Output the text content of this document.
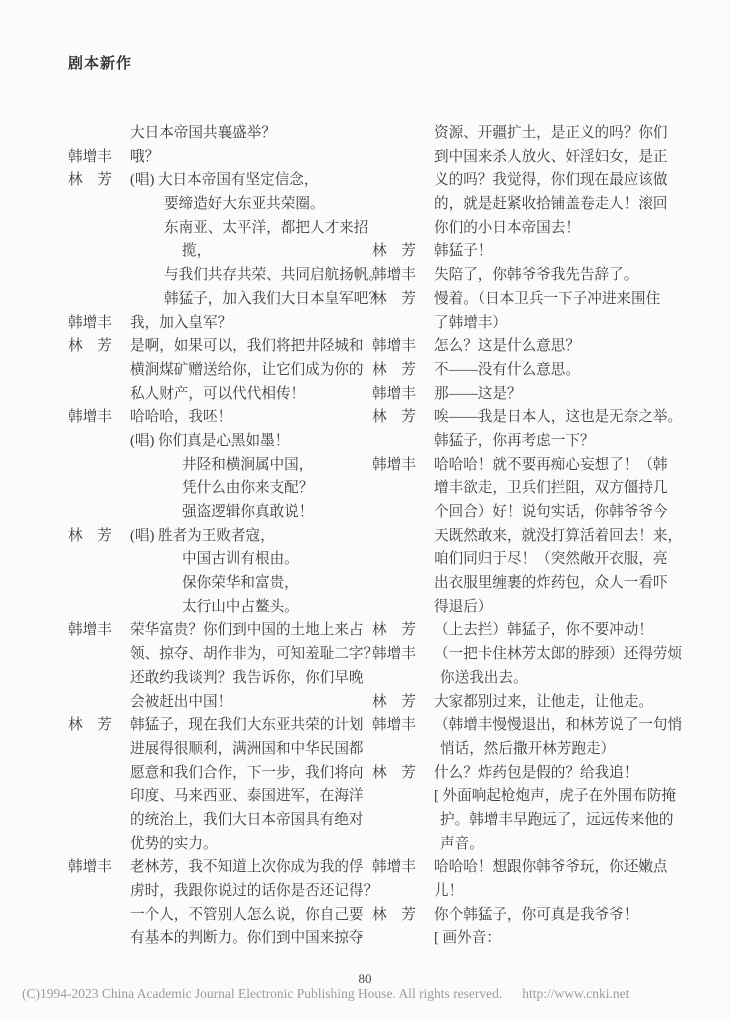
剧本新作
大日本帝国共襄盛举？
韩增丰	哦？
林　芳	(唱) 大日本帝国有坚定信念，
要缔造好大东亚共荣圈。
东南亚、太平洋，都把人才来招
揽，
与我们共存共荣、共同启航扬帆。
韩猛子，加入我们大日本皇军吧？
韩增丰	我，加入皇军？
林　芳	是啊，如果可以，我们将把井陉城和
横涧煤矿赠送给你，让它们成为你的
私人财产，可以代代相传！
韩增丰	哈哈哈，我呸！
(唱) 你们真是心黑如墨！
井陉和横涧属中国，
凭什么由你来支配？
强盗逻辑你真敢说！
林　芳	(唱) 胜者为王败者寇，
中国古训有根由。
保你荣华和富贵，
太行山中占鳌头。
韩增丰	荣华富贵？你们到中国的土地上来占
领、掠夺、胡作非为，可知羞耻二字？
还敢约我谈判？我告诉你，你们早晚
会被赶出中国！
林　芳	韩猛子，现在我们大东亚共荣的计划
进展得很顺利，满洲国和中华民国都
愿意和我们合作，下一步，我们将向
印度、马来西亚、泰国进军，在海洋
的统治上，我们大日本帝国具有绝对
优势的实力。
韩增丰	老林芳，我不知道上次你成为我的俘
虏时，我跟你说过的话你是否还记得？
一个人，不管别人怎么说，你自己要
有基本的判断力。你们到中国来掠夺
资源、开疆扩土，是正义的吗？你们
到中国来杀人放火、奸淫妇女，是正
义的吗？我觉得，你们现在最应该做
的，就是赶紧收拾铺盖卷走人！滚回
你们的小日本帝国去！
林　芳	韩猛子！
韩增丰	失陪了，你韩爷爷我先告辞了。
林　芳	慢着。（日本卫兵一下子冲进来围住
了韩增丰）
韩增丰	怎么？这是什么意思？
林　芳	不——没有什么意思。
韩增丰	那——这是？
林　芳	唉——我是日本人，这也是无奈之举。
韩猛子，你再考虑一下？
韩增丰	哈哈哈！就不要再痴心妄想了！（韩
增丰欲走，卫兵们拦阻，双方僵持几
个回合）好！说句实话，你韩爷爷今
天既然敢来，就没打算活着回去！来，
咱们同归于尽！（突然敞开衣服，亮
出衣服里缠裹的炸药包，众人一看吓
得退后）
林　芳	（上去拦）韩猛子，你不要冲动！
韩增丰	（一把卡住林芳太郎的脖颈）还得劳烦
你送我出去。
林　芳	大家都别过来，让他走，让他走。
韩增丰	（韩增丰慢慢退出，和林芳说了一句悄
悄话，然后撒开林芳跑走）
林　芳	什么？炸药包是假的？给我追！
[ 外面响起枪炮声，虎子在外围布防掩
护。韩增丰早跑远了，远远传来他的
声音。
韩增丰	哈哈哈！想跟你韩爷爷玩，你还嫩点
儿！
林　芳	你个韩猛子，你可真是我爷爷！
[ 画外音：
80
(C)1994-2023 China Academic Journal Electronic Publishing House. All rights reserved. http://www.cnki.net
